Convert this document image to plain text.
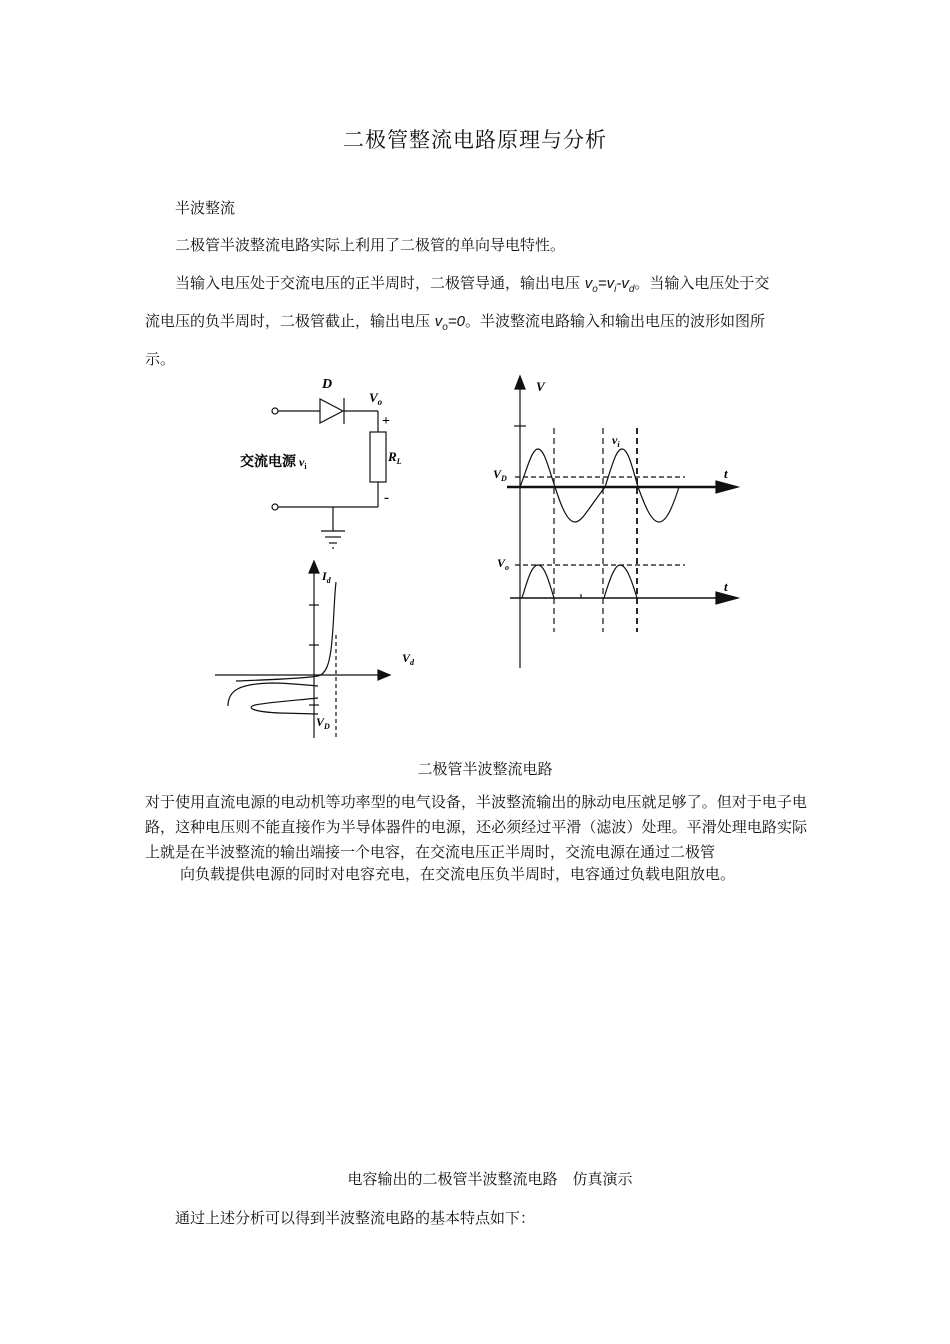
二极管整流电路原理与分析
半波整流
二极管半波整流电路实际上利用了二极管的单向导电特性。
当输入电压处于交流电压的正半周时，二极管导通，输出电压 $v_o=v_i-v_d$。当输入电压处于交
流电压的负半周时，二极管截止，输出电压 $v_o=0$。半波整流电路输入和输出电压的波形如图所
示。
D
$V_o$
+
-
$R_L$
交流电源 $v_i$
$I_d$
$V_d$
$V_D$
V
$v_i$
$V_D$	t
$V_o$
t
二极管半波整流电路
对于使用直流电源的电动机等功率型的电气设备，半波整流输出的脉动电压就足够了。但对于电子电路，这种电压则不能直接作为半导体器件的电源，还必须经过平滑（滤波）处理。平滑处理电路实际上就是在半波整流的输出端接一个电容，在交流电压正半周时，交流电源在通过二极管
向负载提供电源的同时对电容充电，在交流电压负半周时，电容通过负载电阻放电。
电容输出的二极管半波整流电路　仿真演示
通过上述分析可以得到半波整流电路的基本特点如下：
